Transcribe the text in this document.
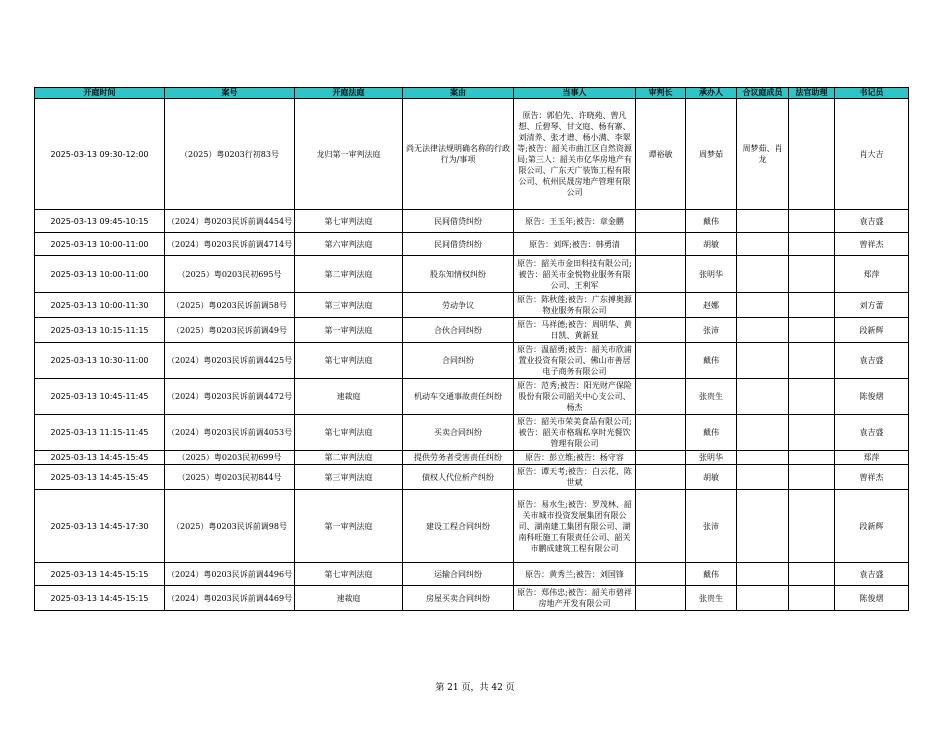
开庭时间	案号	开庭法庭	案由	当事人	审判长	承办人	合议庭成员	法官助理	书记员
2025-03-13 09:30-12:00	（2025）粤0203行初83号	龙归第一审判法庭	尚无法律法规明确名称的行政行为/事项	原告：郭伯先、许晓苑、曾凡想、丘碧琴、甘文庭、杨有寨、刘清养、张才谱、杨小满、李翠等;被告：韶关市曲江区自然资源局;第三人：韶关市亿华房地产有限公司、广东天广装饰工程有限公司、杭州民晟房地产管理有限公司	谭裕敏	周梦茹	周梦茹、肖龙		肖大吉
2025-03-13 09:45-10:15	（2024）粤0203民诉前调4454号	第七审判法庭	民间借贷纠纷	原告：王玉年;被告：章金鹏		戴伟			袁吉盛
2025-03-13 10:00-11:00	（2024）粤0203民诉前调4714号	第六审判法庭	民间借贷纠纷	原告：刘珲;被告：韩勇清		胡敏			曾祥杰
2025-03-13 10:00-11:00	（2025）粤0203民初695号	第二审判法庭	股东知情权纠纷	原告：韶关市金田科技有限公司;被告：韶关市金悦物业服务有限公司、王利军		张明华			郑萍
2025-03-13 10:00-11:30	（2025）粤0203民诉前调58号	第三审判法庭	劳动争议	原告：陈秋莲;被告：广东搏奥源物业服务有限公司		赵娜			刘方蕾
2025-03-13 10:15-11:15	（2025）粤0203民诉前调49号	第一审判法庭	合伙合同纠纷	原告：马祥德;被告：周明华、黄日凯、黄新显		张沛			段新辉
2025-03-13 10:30-11:00	（2024）粤0203民诉前调4425号	第七审判法庭	合同纠纷	原告：温韶勇;被告：韶关市欣浦置业投资有限公司、佛山市善居电子商务有限公司		戴伟			袁吉盛
2025-03-13 10:45-11:45	（2024）粤0203民诉前调4472号	速裁庭	机动车交通事故责任纠纷	原告：范秀;被告：阳光财产保险股份有限公司韶关中心支公司、杨杰		张贵生			陈俊熠
2025-03-13 11:15-11:45	（2024）粤0203民诉前调4053号	第七审判法庭	买卖合同纠纷	原告：韶关市荣美食品有限公司;被告：韶关市格瑞私享时光餐饮管理有限公司		戴伟			袁吉盛
2025-03-13 14:45-15:45	（2025）粤0203民初699号	第二审判法庭	提供劳务者受害责任纠纷	原告：彭立维;被告：杨守容		张明华			郑萍
2025-03-13 14:45-15:45	（2025）粤0203民初844号	第三审判法庭	债权人代位析产纠纷	原告：谭天考;被告：白云花、陈世斌		胡敏			曾祥杰
2025-03-13 14:45-17:30	（2025）粤0203民诉前调98号	第一审判法庭	建设工程合同纠纷	原告：易水生;被告：罗茂林、韶关市城市投资发展集团有限公司、湖南建工集团有限公司、湖南科旺施工有限责任公司、韶关市鹏成建筑工程有限公司		张沛			段新辉
2025-03-13 14:45-15:15	（2024）粤0203民诉前调4496号	第七审判法庭	运输合同纠纷	原告：黄秀兰;被告：刘国锋		戴伟			袁吉盛
2025-03-13 14:45-15:15	（2024）粤0203民诉前调4469号	速裁庭	房屋买卖合同纠纷	原告：郑伟忠;被告：韶关市碧祥房地产开发有限公司		张贵生			陈俊熠
第 21 页，共 42 页
